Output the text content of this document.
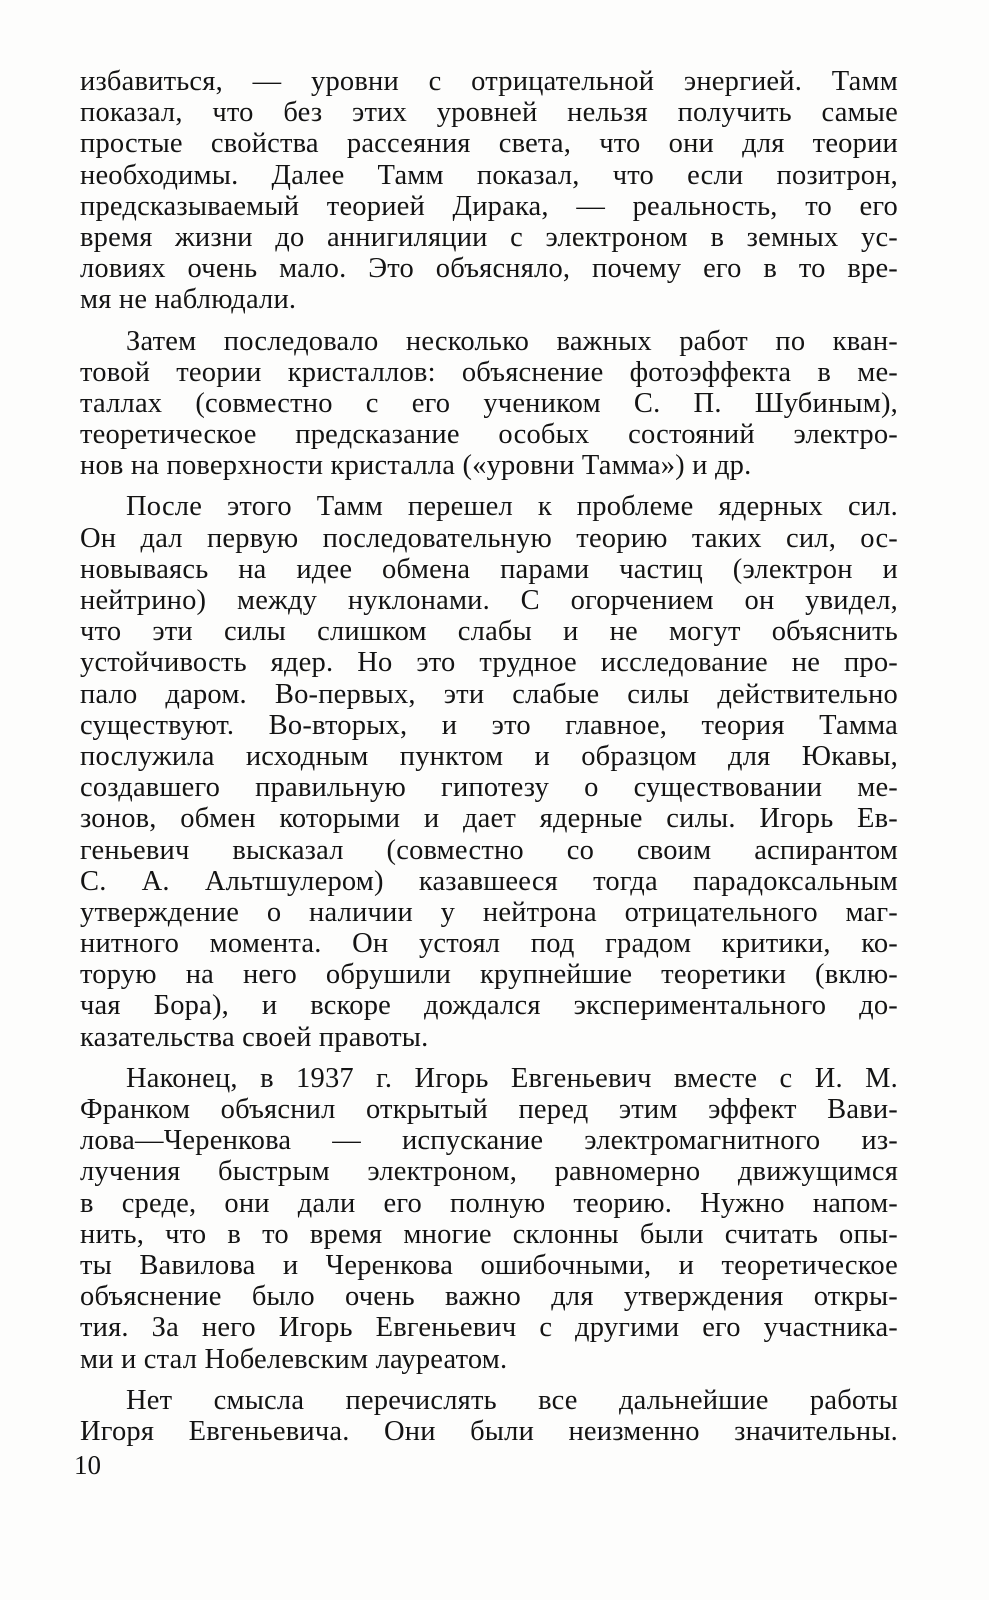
избавиться, — уровни с отрицательной энергией. Тамм
показал, что без этих уровней нельзя получить самые
простые свойства рассеяния света, что они для теории
необходимы. Далее Тамм показал, что если позитрон,
предсказываемый теорией Дирака, — реальность, то его
время жизни до аннигиляции с электроном в земных ус-
ловиях очень мало. Это объясняло, почему его в то вре-
мя не наблюдали.
Затем последовало несколько важных работ по кван-
товой теории кристаллов: объяснение фотоэффекта в ме-
таллах (совместно с его учеником С. П. Шубиным),
теоретическое предсказание особых состояний электро-
нов на поверхности кристалла («уровни Тамма») и др.
После этого Тамм перешел к проблеме ядерных сил.
Он дал первую последовательную теорию таких сил, ос-
новываясь на идее обмена парами частиц (электрон и
нейтрино) между нуклонами. С огорчением он увидел,
что эти силы слишком слабы и не могут объяснить
устойчивость ядер. Но это трудное исследование не про-
пало даром. Во-первых, эти слабые силы действительно
существуют. Во-вторых, и это главное, теория Тамма
послужила исходным пунктом и образцом для Юкавы,
создавшего правильную гипотезу о существовании ме-
зонов, обмен которыми и дает ядерные силы. Игорь Ев-
геньевич высказал (совместно со своим аспирантом
С. А. Альтшулером) казавшееся тогда парадоксальным
утверждение о наличии у нейтрона отрицательного маг-
нитного момента. Он устоял под градом критики, ко-
торую на него обрушили крупнейшие теоретики (вклю-
чая Бора), и вскоре дождался экспериментального до-
казательства своей правоты.
Наконец, в 1937 г. Игорь Евгеньевич вместе с И. М.
Франком объяснил открытый перед этим эффект Вави-
лова—Черенкова — испускание электромагнитного из-
лучения быстрым электроном, равномерно движущимся
в среде, они дали его полную теорию. Нужно напом-
нить, что в то время многие склонны были считать опы-
ты Вавилова и Черенкова ошибочными, и теоретическое
объяснение было очень важно для утверждения откры-
тия. За него Игорь Евгеньевич с другими его участника-
ми и стал Нобелевским лауреатом.
Нет смысла перечислять все дальнейшие работы
Игоря Евгеньевича. Они были неизменно значительны.
10
